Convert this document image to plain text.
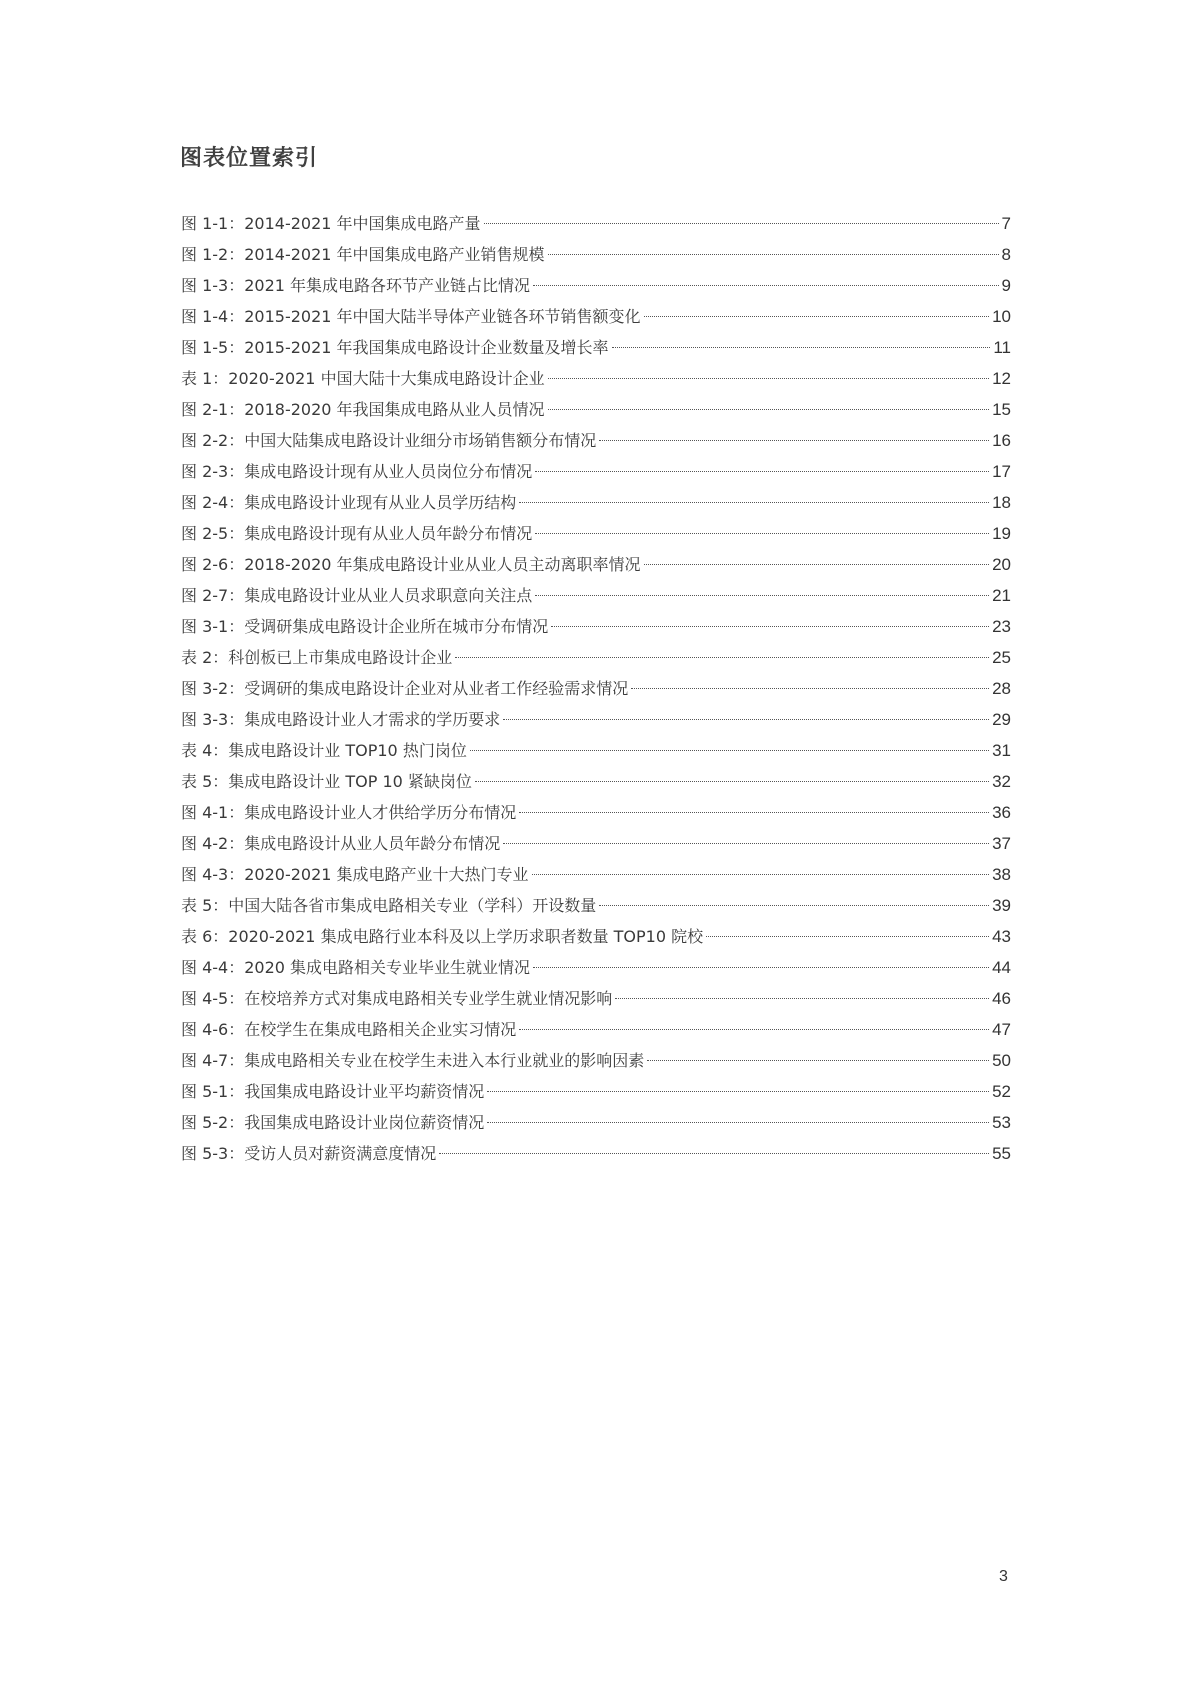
图表位置索引
图 1-1：2014-2021 年中国集成电路产量	7
图 1-2：2014-2021 年中国集成电路产业销售规模	8
图 1-3：2021 年集成电路各环节产业链占比情况	9
图 1-4：2015-2021 年中国大陆半导体产业链各环节销售额变化	10
图 1-5：2015-2021 年我国集成电路设计企业数量及增长率	11
表 1：2020-2021 中国大陆十大集成电路设计企业	12
图 2-1：2018-2020 年我国集成电路从业人员情况	15
图 2-2：中国大陆集成电路设计业细分市场销售额分布情况	16
图 2-3：集成电路设计现有从业人员岗位分布情况	17
图 2-4：集成电路设计业现有从业人员学历结构	18
图 2-5：集成电路设计现有从业人员年龄分布情况	19
图 2-6：2018-2020 年集成电路设计业从业人员主动离职率情况	20
图 2-7：集成电路设计业从业人员求职意向关注点	21
图 3-1：受调研集成电路设计企业所在城市分布情况	23
表 2：科创板已上市集成电路设计企业	25
图 3-2：受调研的集成电路设计企业对从业者工作经验需求情况	28
图 3-3：集成电路设计业人才需求的学历要求	29
表 4：集成电路设计业 TOP10 热门岗位	31
表 5：集成电路设计业 TOP 10 紧缺岗位	32
图 4-1：集成电路设计业人才供给学历分布情况	36
图 4-2：集成电路设计从业人员年龄分布情况	37
图 4-3：2020-2021 集成电路产业十大热门专业	38
表 5：中国大陆各省市集成电路相关专业（学科）开设数量	39
表 6：2020-2021 集成电路行业本科及以上学历求职者数量 TOP10 院校	43
图 4-4：2020 集成电路相关专业毕业生就业情况	44
图 4-5：在校培养方式对集成电路相关专业学生就业情况影响	46
图 4-6：在校学生在集成电路相关企业实习情况	47
图 4-7：集成电路相关专业在校学生未进入本行业就业的影响因素	50
图 5-1：我国集成电路设计业平均薪资情况	52
图 5-2：我国集成电路设计业岗位薪资情况	53
图 5-3：受访人员对薪资满意度情况	55
3
